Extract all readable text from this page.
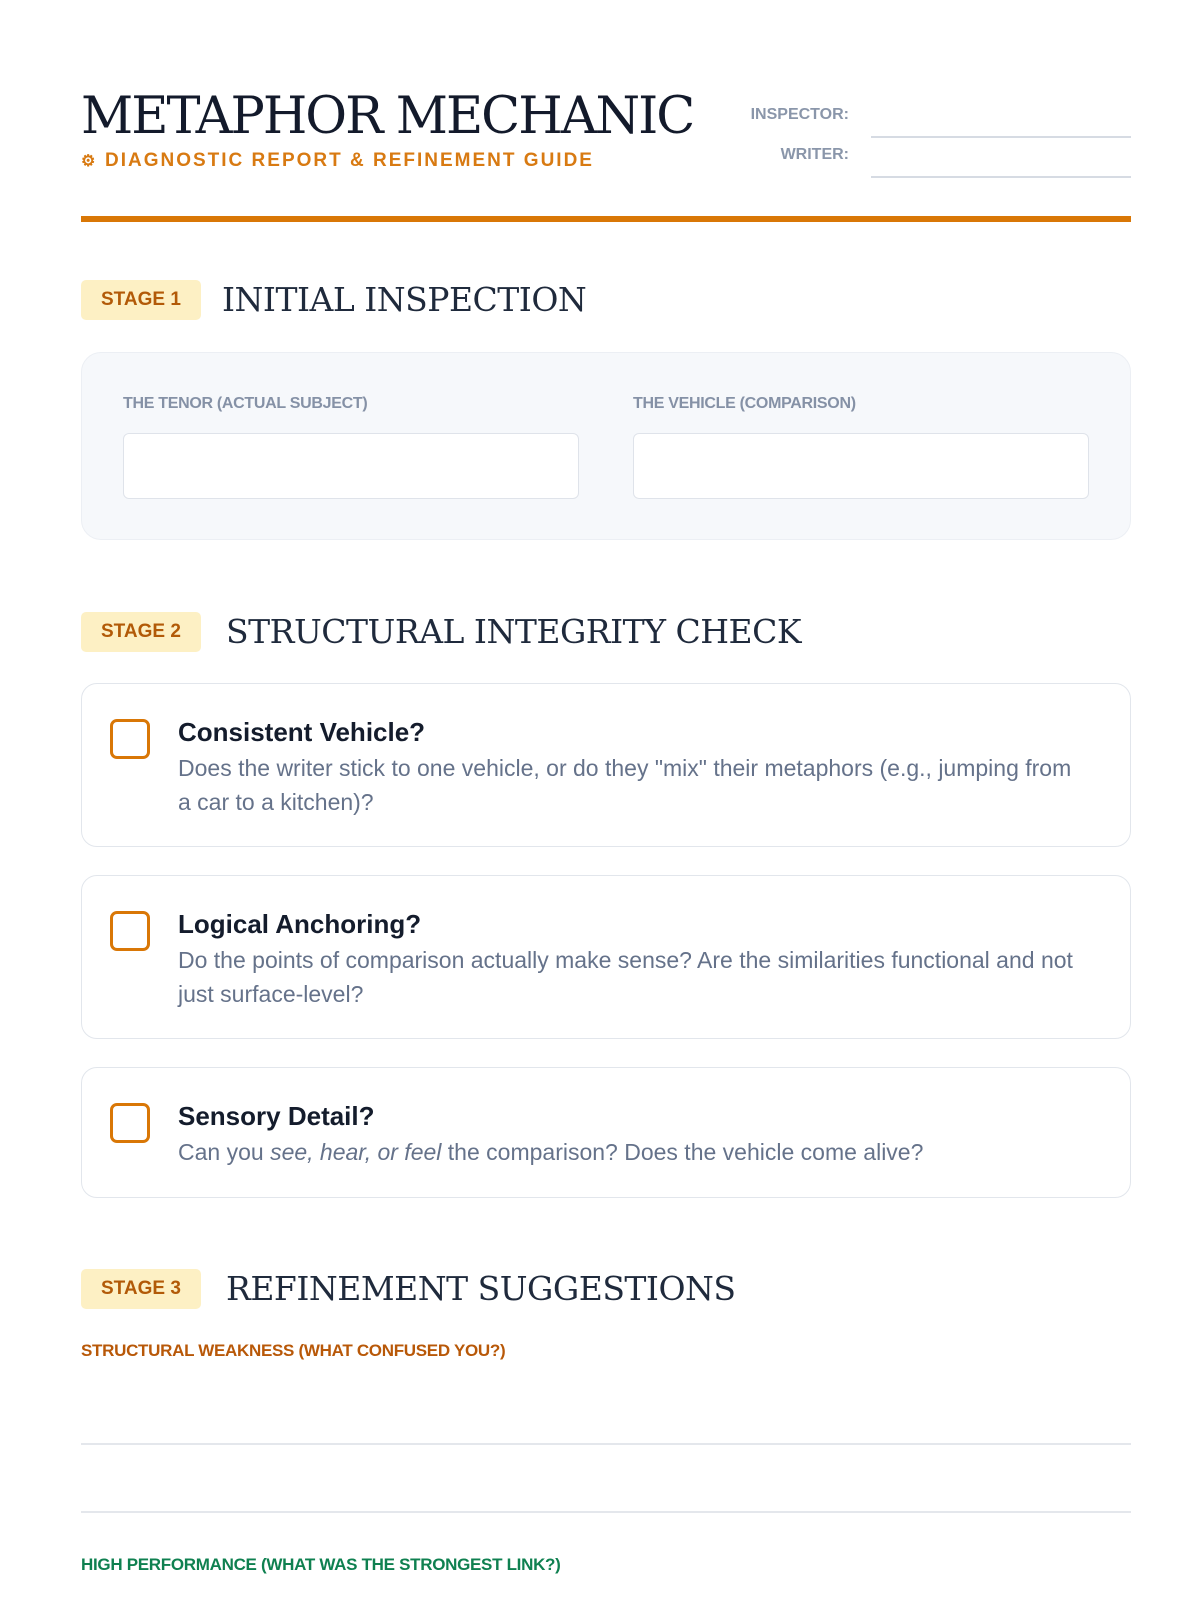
METAPHOR MECHANIC
⚙ DIAGNOSTIC REPORT & REFINEMENT GUIDE
INSPECTOR:
WRITER:
STAGE 1	INITIAL INSPECTION
THE TENOR (ACTUAL SUBJECT)	THE VEHICLE (COMPARISON)
STAGE 2	STRUCTURAL INTEGRITY CHECK
Consistent Vehicle?
Does the writer stick to one vehicle, or do they "mix" their metaphors (e.g., jumping from a car to a kitchen)?
Logical Anchoring?
Do the points of comparison actually make sense? Are the similarities functional and not just surface-level?
Sensory Detail?
Can you see, hear, or feel the comparison? Does the vehicle come alive?
STAGE 3	REFINEMENT SUGGESTIONS
STRUCTURAL WEAKNESS (WHAT CONFUSED YOU?)
HIGH PERFORMANCE (WHAT WAS THE STRONGEST LINK?)
